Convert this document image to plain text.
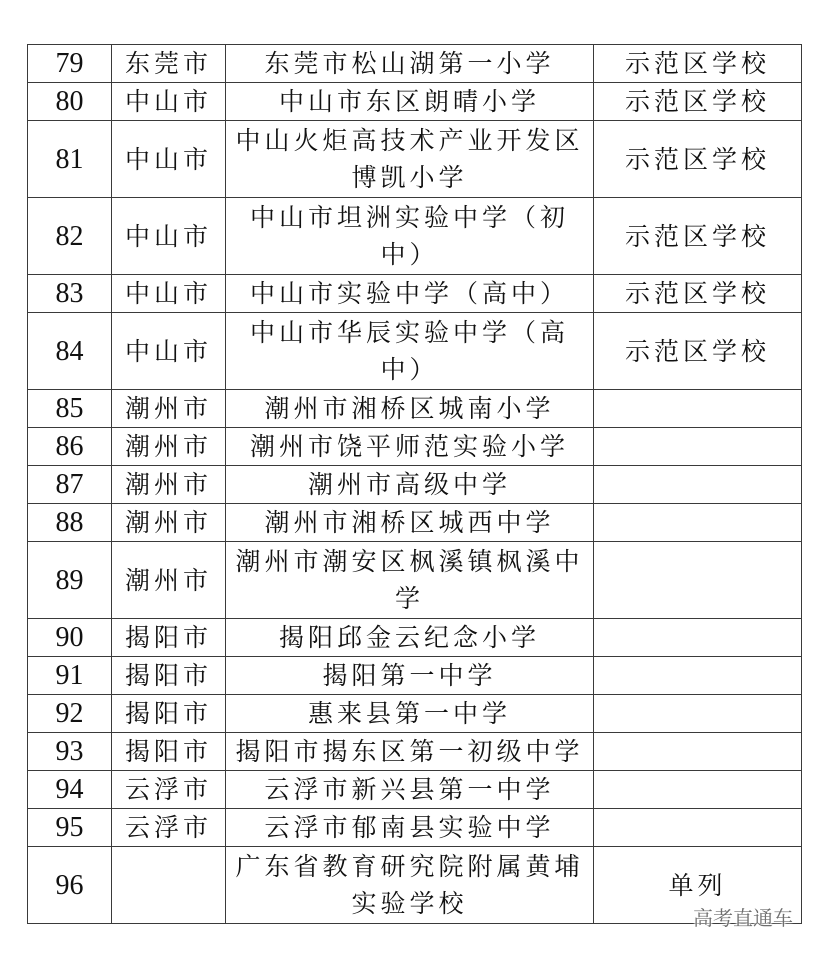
79	东莞市	东莞市松山湖第一小学	示范区学校
80	中山市	中山市东区朗晴小学	示范区学校
81	中山市	中山火炬高技术产业开发区博凯小学	示范区学校
82	中山市	中山市坦洲实验中学（初中）	示范区学校
83	中山市	中山市实验中学（高中）	示范区学校
84	中山市	中山市华辰实验中学（高中）	示范区学校
85	潮州市	潮州市湘桥区城南小学	
86	潮州市	潮州市饶平师范实验小学	
87	潮州市	潮州市高级中学	
88	潮州市	潮州市湘桥区城西中学	
89	潮州市	潮州市潮安区枫溪镇枫溪中学	
90	揭阳市	揭阳邱金云纪念小学	
91	揭阳市	揭阳第一中学	
92	揭阳市	惠来县第一中学	
93	揭阳市	揭阳市揭东区第一初级中学	
94	云浮市	云浮市新兴县第一中学	
95	云浮市	云浮市郁南县实验中学	
96		广东省教育研究院附属黄埔实验学校	单列
高考直通车
